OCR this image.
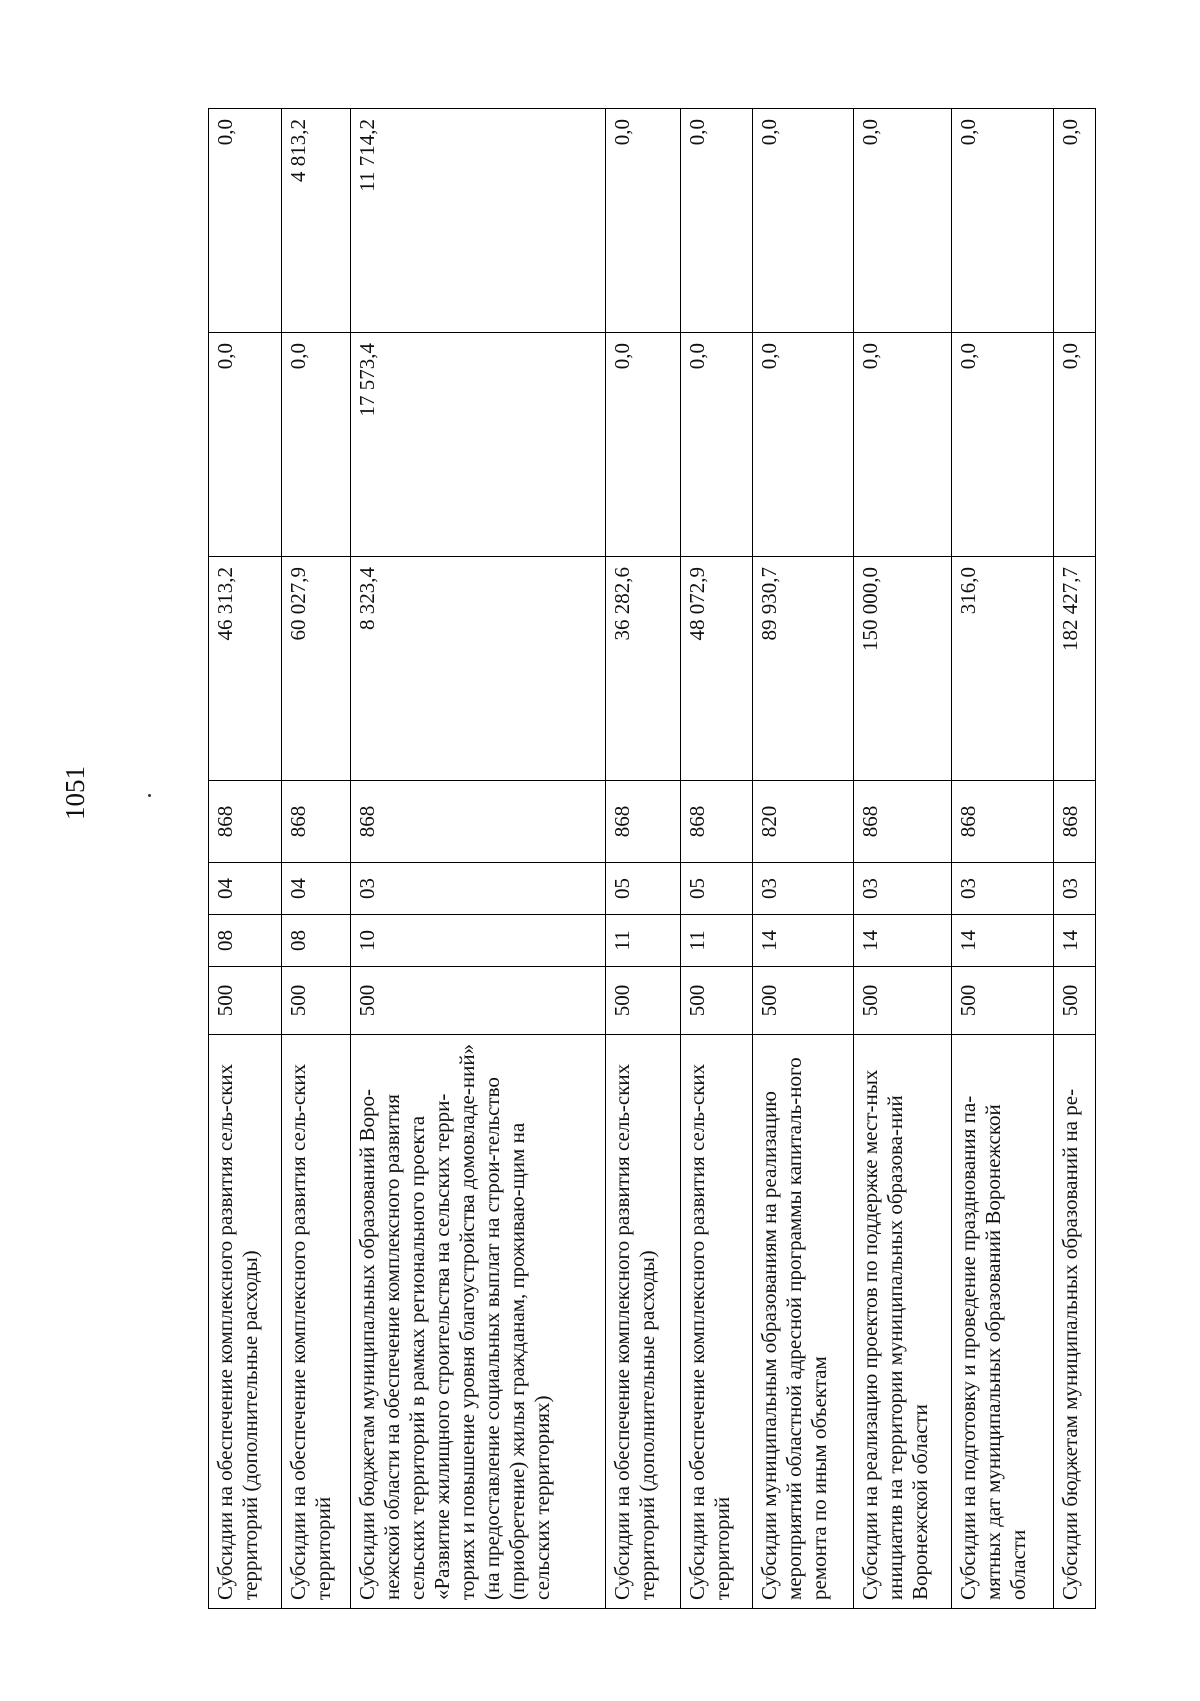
1051
Субсидии на обеспечение комплексного развития сель-ских территорий (дополнительные расходы)	500	08	04	868	46 313,2	0,0	0,0
Субсидии на обеспечение комплексного развития сель-ских территорий	500	08	04	868	60 027,9	0,0	4 813,2
Субсидии бюджетам муниципальных образований Воро-нежской области на обеспечение комплексного развития сельских территорий в рамках регионального проекта «Развитие жилищного строительства на сельских терри-ториях и повышение уровня благоустройства домовладе-ний» (на предоставление социальных выплат на строи-тельство (приобретение) жилья гражданам, проживаю-щим на сельских территориях)	500	10	03	868	8 323,4	17 573,4	11 714,2
Субсидии на обеспечение комплексного развития сель-ских территорий (дополнительные расходы)	500	11	05	868	36 282,6	0,0	0,0
Субсидии на обеспечение комплексного развития сель-ских территорий	500	11	05	868	48 072,9	0,0	0,0
Субсидии муниципальным образованиям на реализацию мероприятий областной адресной программы капиталь-ного ремонта по иным объектам	500	14	03	820	89 930,7	0,0	0,0
Субсидии на реализацию проектов по поддержке мест-ных инициатив на территории муниципальных образова-ний Воронежской области	500	14	03	868	150 000,0	0,0	0,0
Субсидии на подготовку и проведение празднования па-мятных дат муниципальных образований Воронежской области	500	14	03	868	316,0	0,0	0,0
Субсидии бюджетам муниципальных образований на ре-	500	14	03	868	182 427,7	0,0	0,0
